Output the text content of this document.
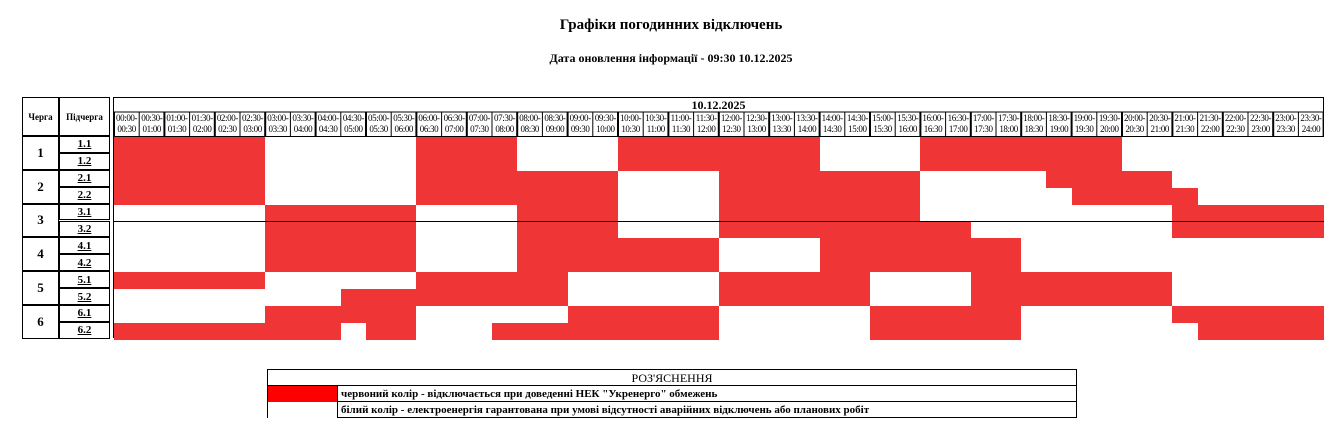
Графіки погодинних відключень
Дата оновлення інформації - 09:30 10.12.2025
Черга	Підчерга
1
1.1
1.2
2
2.1
2.2
3
3.1
3.2
4
4.1
4.2
5
5.1
5.2
6
6.1
6.2
10.12.2025
00:00-
00:30
00:30-
01:00
01:00-
01:30
01:30-
02:00
02:00-
02:30
02:30-
03:00
03:00-
03:30
03:30-
04:00
04:00-
04:30
04:30-
05:00
05:00-
05:30
05:30-
06:00
06:00-
06:30
06:30-
07:00
07:00-
07:30
07:30-
08:00
08:00-
08:30
08:30-
09:00
09:00-
09:30
09:30-
10:00
10:00-
10:30
10:30-
11:00
11:00-
11:30
11:30-
12:00
12:00-
12:30
12:30-
13:00
13:00-
13:30
13:30-
14:00
14:00-
14:30
14:30-
15:00
15:00-
15:30
15:30-
16:00
16:00-
16:30
16:30-
17:00
17:00-
17:30
17:30-
18:00
18:00-
18:30
18:30-
19:00
19:00-
19:30
19:30-
20:00
20:00-
20:30
20:30-
21:00
21:00-
21:30
21:30-
22:00
22:00-
22:30
22:30-
23:00
23:00-
23:30
23:30-
24:00
РОЗ'ЯСНЕННЯ
червоний колір - відключається при доведенні НЕК "Укренерго" обмежень
білий колір - електроенергія гарантована при умові відсутності аварійних відключень або планових робіт
